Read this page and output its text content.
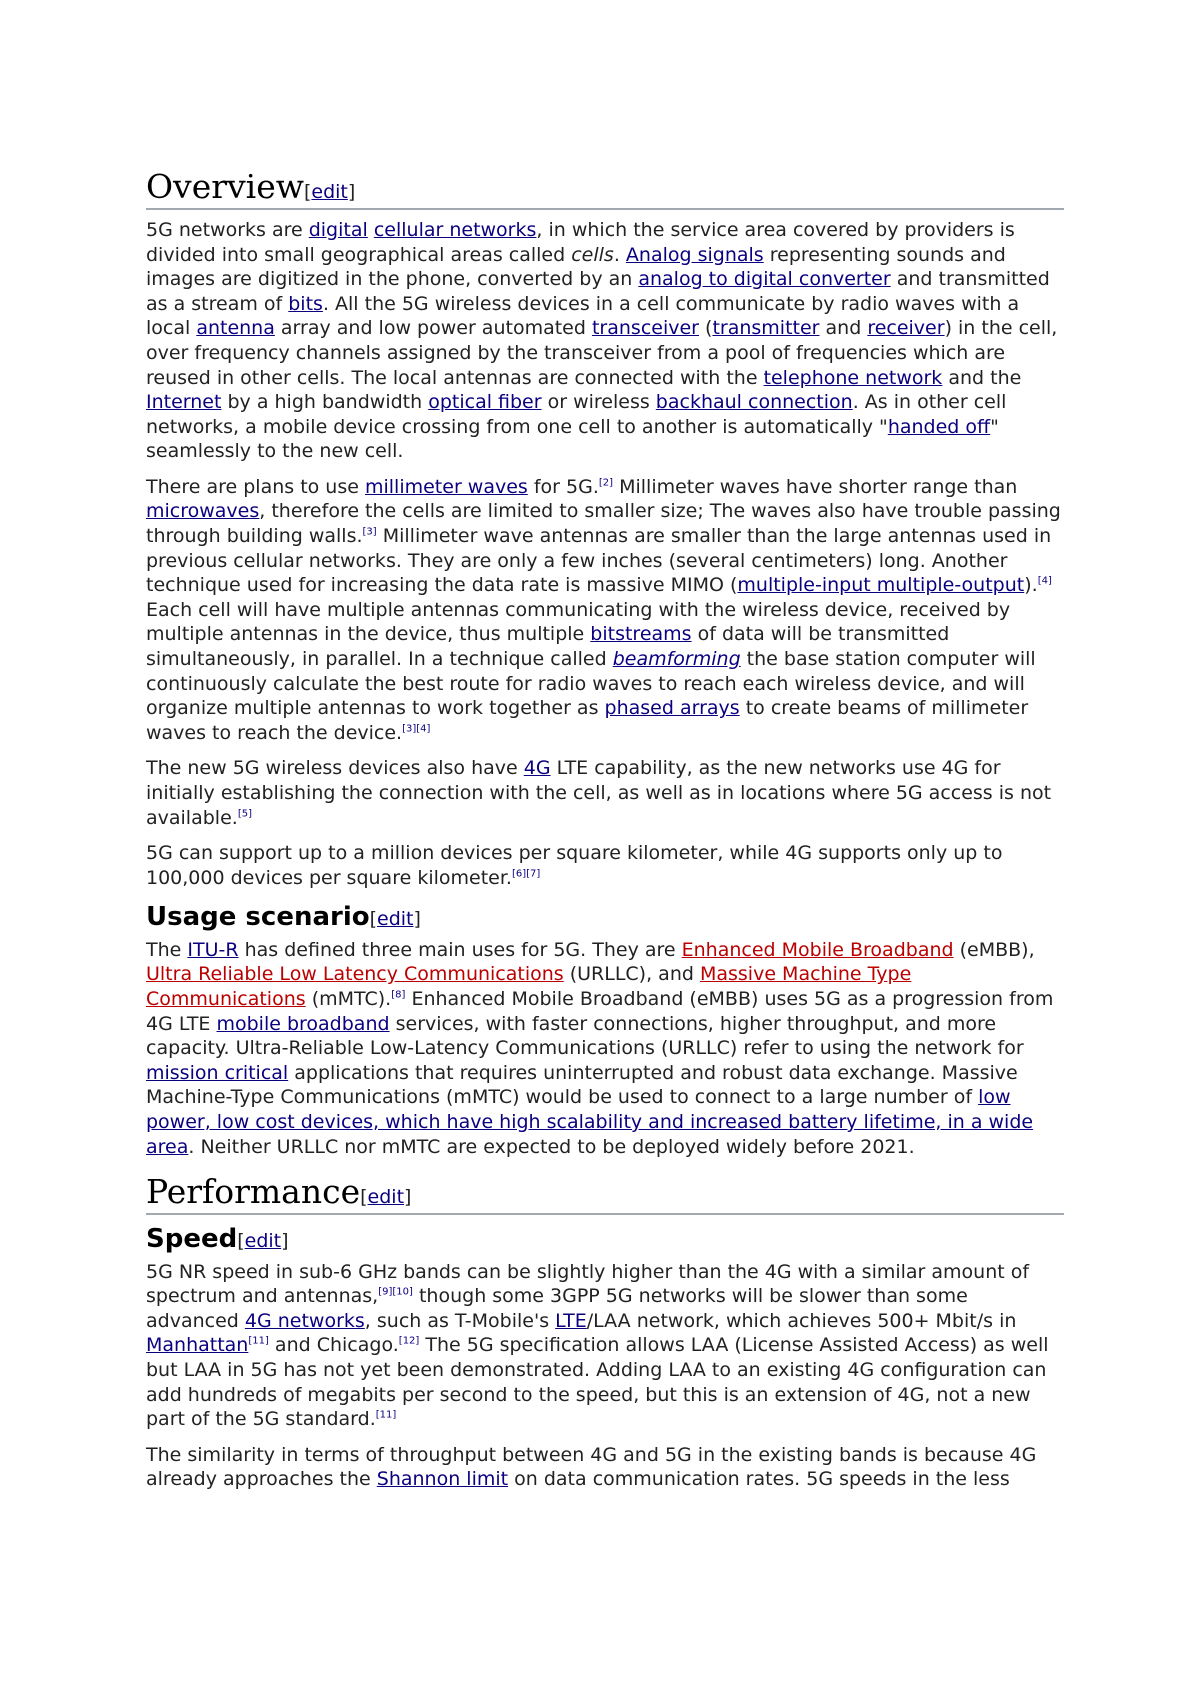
Overview[edit]

5G networks are digital cellular networks, in which the service area covered by providers is divided into small geographical areas called cells. Analog signals representing sounds and images are digitized in the phone, converted by an analog to digital converter and transmitted as a stream of bits. All the 5G wireless devices in a cell communicate by radio waves with a local antenna array and low power automated transceiver (transmitter and receiver) in the cell, over frequency channels assigned by the transceiver from a pool of frequencies which are reused in other cells. The local antennas are connected with the telephone network and the Internet by a high bandwidth optical fiber or wireless backhaul connection. As in other cell networks, a mobile device crossing from one cell to another is automatically "handed off" seamlessly to the new cell.

There are plans to use millimeter waves for 5G.[2] Millimeter waves have shorter range than microwaves, therefore the cells are limited to smaller size; The waves also have trouble passing through building walls.[3] Millimeter wave antennas are smaller than the large antennas used in previous cellular networks. They are only a few inches (several centimeters) long. Another technique used for increasing the data rate is massive MIMO (multiple-input multiple-output).[4] Each cell will have multiple antennas communicating with the wireless device, received by multiple antennas in the device, thus multiple bitstreams of data will be transmitted simultaneously, in parallel. In a technique called beamforming the base station computer will continuously calculate the best route for radio waves to reach each wireless device, and will organize multiple antennas to work together as phased arrays to create beams of millimeter waves to reach the device.[3][4]

The new 5G wireless devices also have 4G LTE capability, as the new networks use 4G for initially establishing the connection with the cell, as well as in locations where 5G access is not available.[5]

5G can support up to a million devices per square kilometer, while 4G supports only up to 100,000 devices per square kilometer.[6][7]

Usage scenario[edit]

The ITU-R has defined three main uses for 5G. They are Enhanced Mobile Broadband (eMBB), Ultra Reliable Low Latency Communications (URLLC), and Massive Machine Type Communications (mMTC).[8] Enhanced Mobile Broadband (eMBB) uses 5G as a progression from 4G LTE mobile broadband services, with faster connections, higher throughput, and more capacity. Ultra-Reliable Low-Latency Communications (URLLC) refer to using the network for mission critical applications that requires uninterrupted and robust data exchange. Massive Machine-Type Communications (mMTC) would be used to connect to a large number of low power, low cost devices, which have high scalability and increased battery lifetime, in a wide area. Neither URLLC nor mMTC are expected to be deployed widely before 2021.

Performance[edit]
Speed[edit]

5G NR speed in sub-6 GHz bands can be slightly higher than the 4G with a similar amount of spectrum and antennas,[9][10] though some 3GPP 5G networks will be slower than some advanced 4G networks, such as T-Mobile's LTE/LAA network, which achieves 500+ Mbit/s in Manhattan[11] and Chicago.[12] The 5G specification allows LAA (License Assisted Access) as well but LAA in 5G has not yet been demonstrated. Adding LAA to an existing 4G configuration can add hundreds of megabits per second to the speed, but this is an extension of 4G, not a new part of the 5G standard.[11]

The similarity in terms of throughput between 4G and 5G in the existing bands is because 4G already approaches the Shannon limit on data communication rates. 5G speeds in the less
